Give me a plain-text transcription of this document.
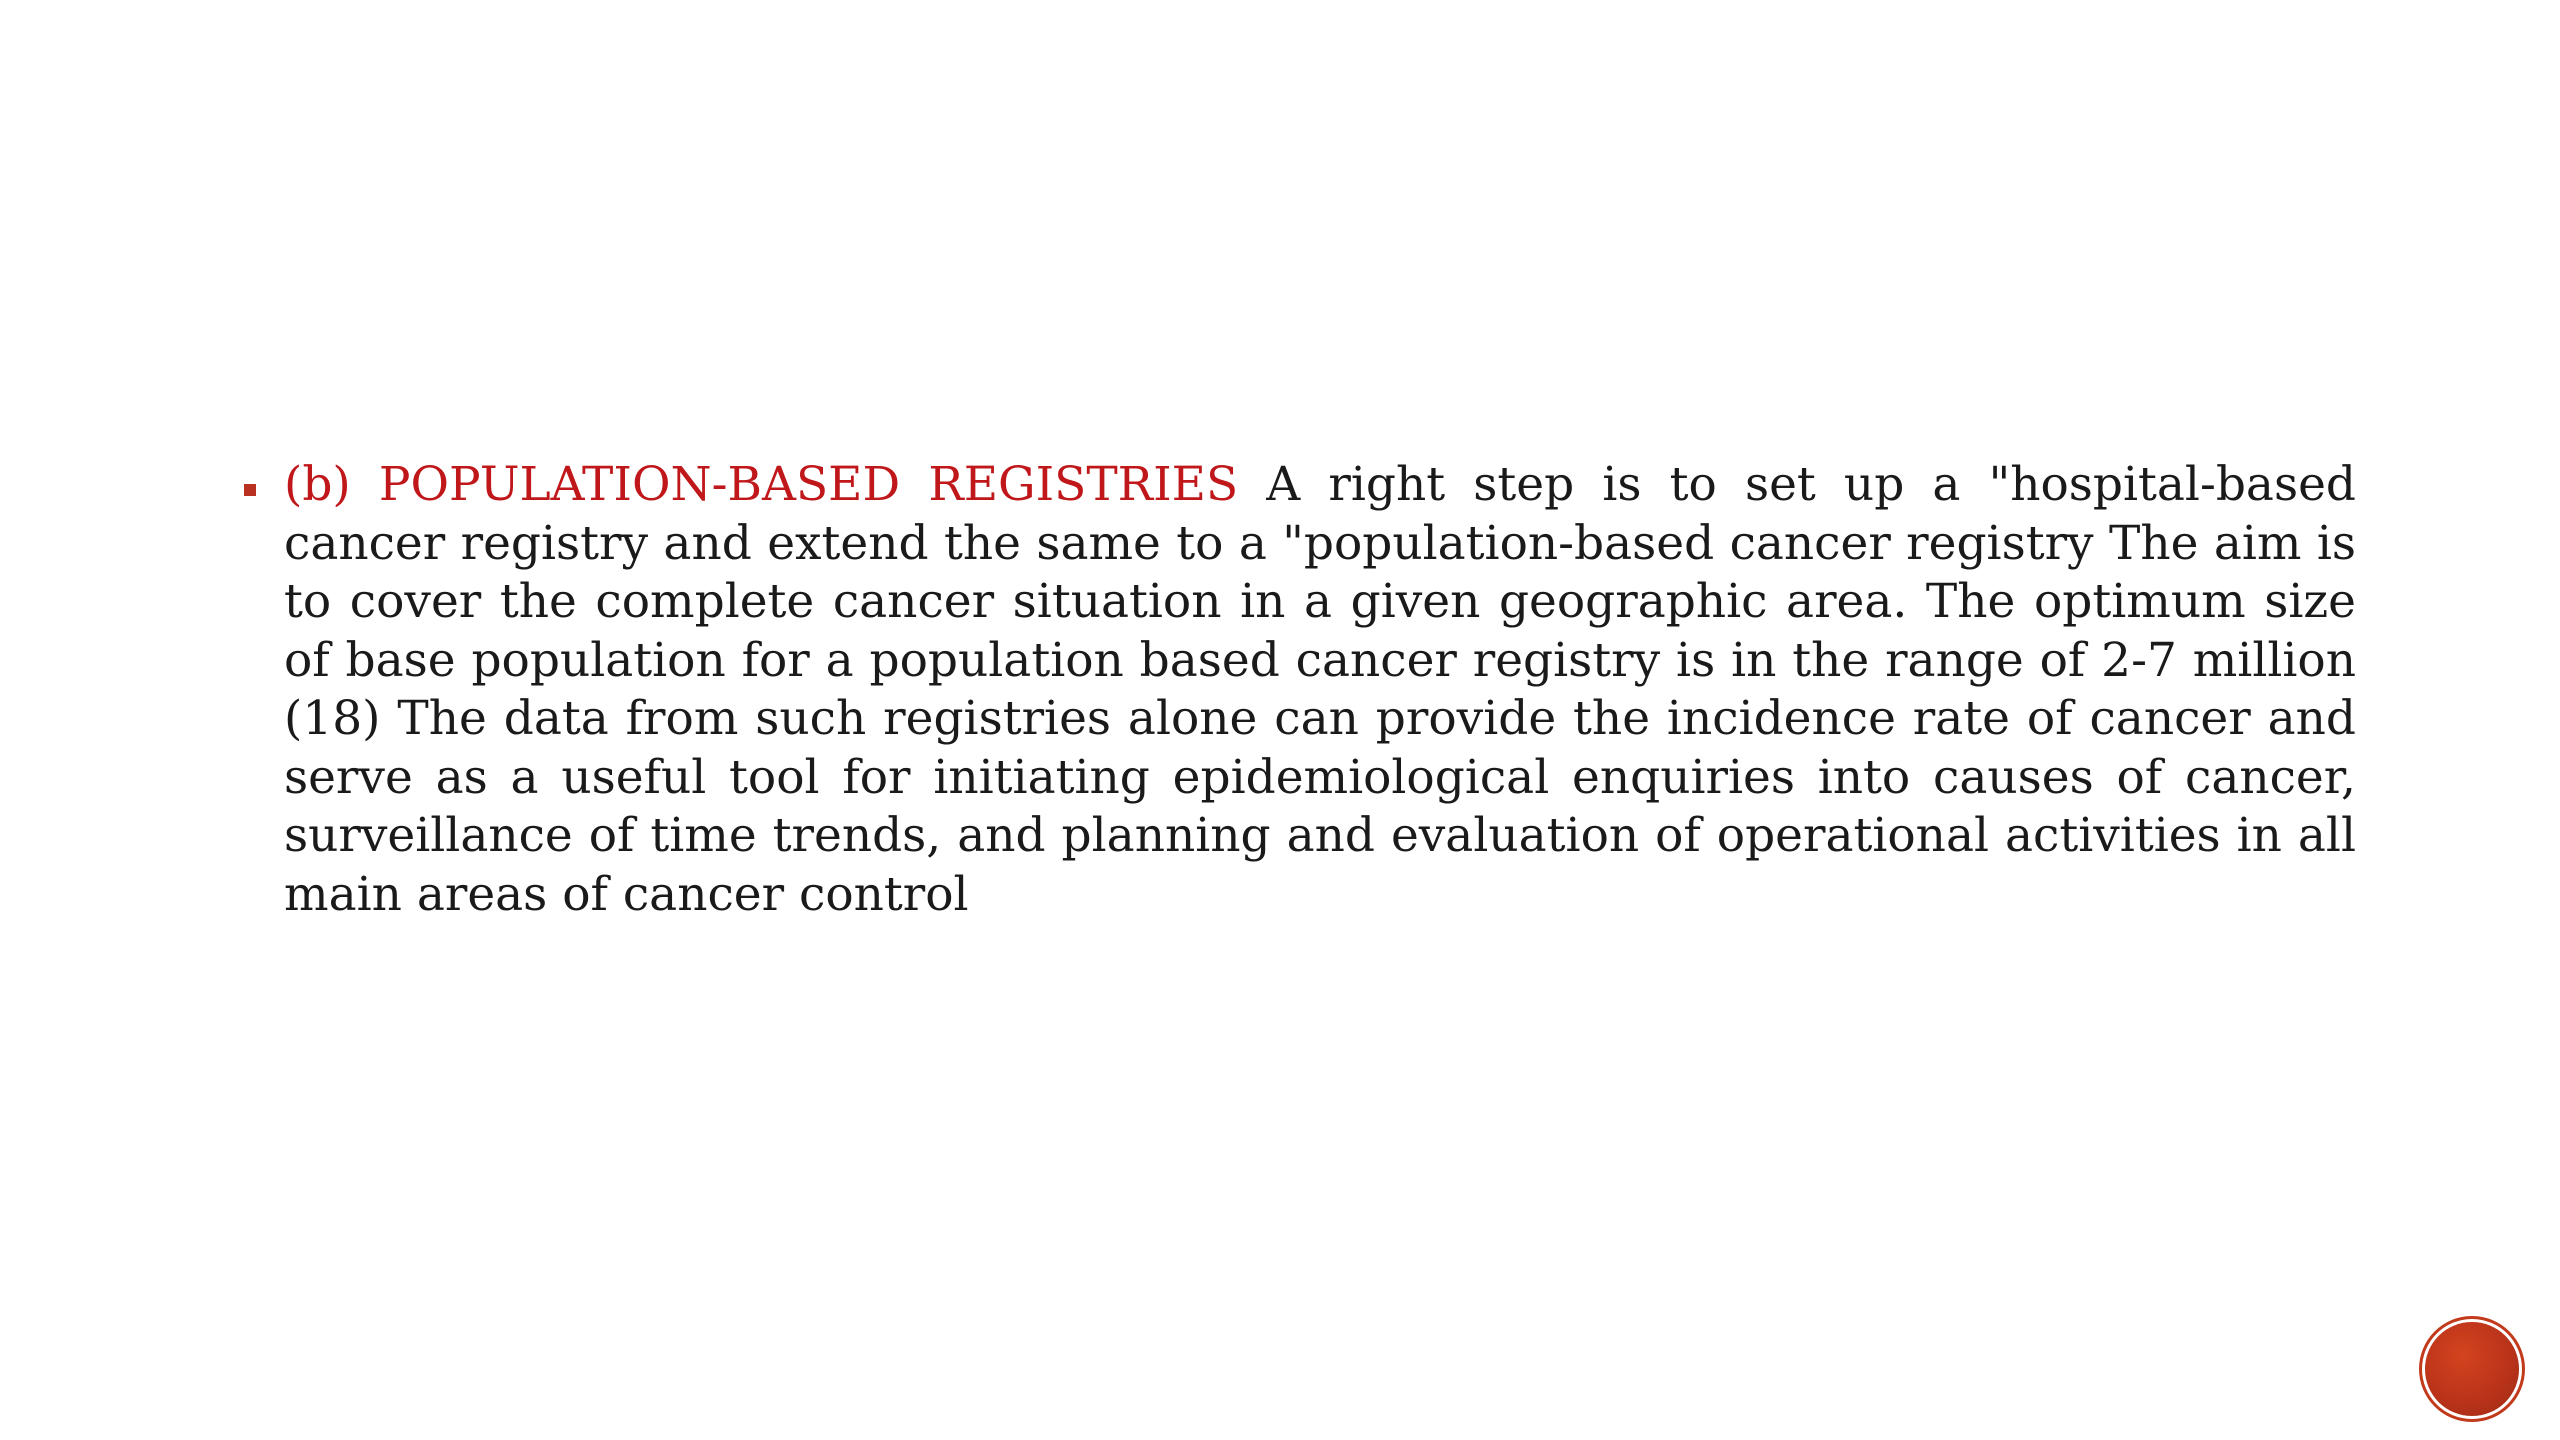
(b) POPULATION-BASED REGISTRIES A right step is to set up a "hospital-based cancer registry and extend the same to a "population-based cancer registry The aim is to cover the complete cancer situation in a given geographic area. The optimum size of base population for a population based cancer registry is in the range of 2-7 million (18) The data from such registries alone can provide the incidence rate of cancer and serve as a useful tool for initiating epidemiological enquiries into causes of cancer, surveillance of time trends, and planning and evaluation of operational activities in all main areas of cancer control
